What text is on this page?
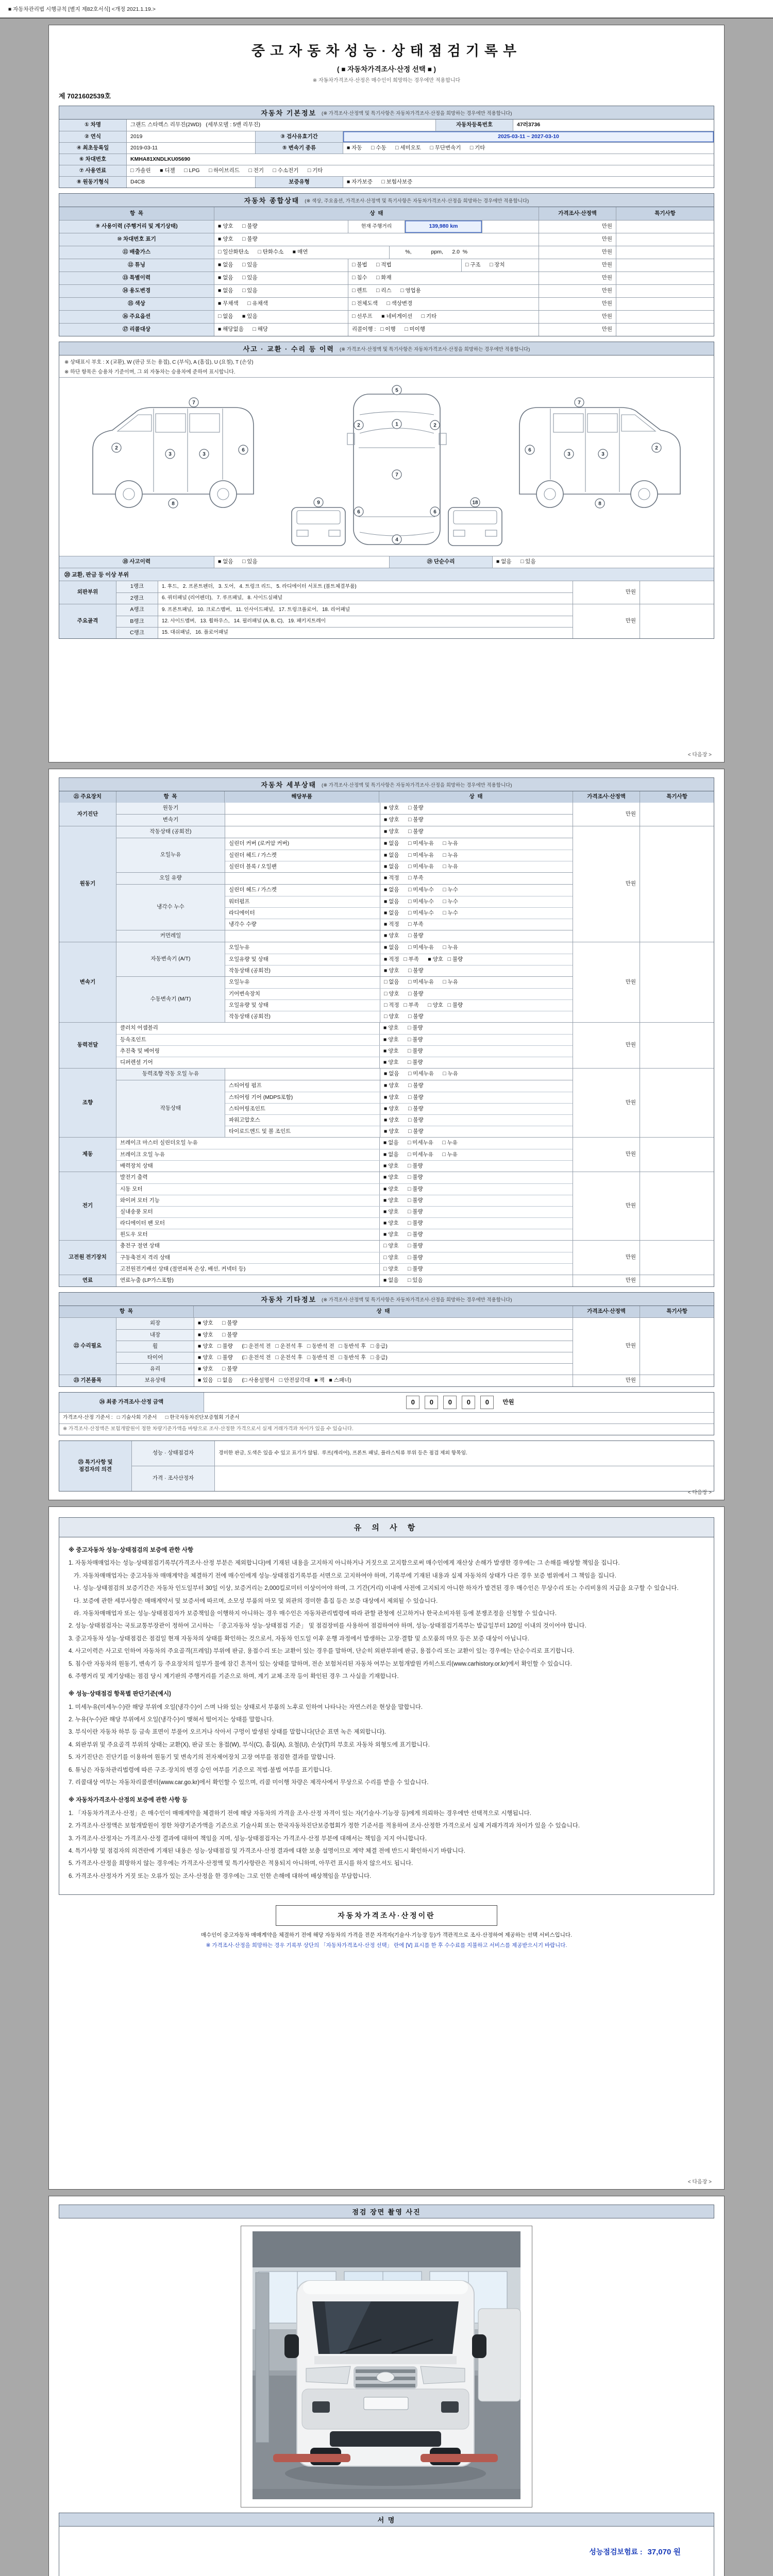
■ 자동차관리법 시행규칙 [별지 제82호서식] <개정 2021.1.19.>
중고자동차성능·상태점검기록부
( ■ 자동차가격조사·산정 선택 ■ )
※ 자동차가격조사·산정은 매수인이 희망하는 경우에만 적용합니다
제 7021602539호
자동차 기본정보 (※ 가격조사·산정액 및 특기사항은 자동차가격조사·산정을 희망하는 경우에만 적용합니다)
① 차명	그랜드 스타렉스 리무진(2WD)   (세부모델 : 5밴 리무진)	자동차등록번호	47러3736
② 연식	2019	③ 검사유효기간	2025-03-11 ~ 2027-03-10
④ 최초등록일	2019-03-11	⑤ 변속기 종류	■ 자동      □ 수동      □ 세미오토      □ 무단변속기      □ 기타
⑥ 차대번호	KMHA81XNDLKU05690
⑦ 사용연료	□ 가솔린      ■ 디젤      □ LPG      □ 하이브리드      □ 전기      □ 수소전기      □ 기타
⑧ 원동기형식	D4CB	보증유형	■ 자가보증      □ 보험사보증
자동차 종합상태 (※ 색상, 주요옵션, 가격조사·산정액 및 특기사항은 자동차가격조사·산정을 희망하는 경우에만 적용합니다)
항  목	상  태	가격조사·산정액	특기사항
⑨ 사용이력 (주행거리 및 계기상태)	■ 양호      □ 불량	현재 주행거리	139,980 km	만원
⑩ 차대번호 표기	■ 양호      □ 불량	만원
⑪ 배출가스	□ 일산화탄소      □ 탄화수소      ■ 매연	%,             ppm,      2.0  %	만원
⑫ 튜닝	■ 없음      □ 있음	□ 불법      □ 적법	□ 구조      □ 장치	만원
⑬ 특별이력	■ 없음      □ 있음	□ 침수      □ 화재	만원
⑭ 용도변경	■ 없음      □ 있음	□ 렌트      □ 리스      □ 영업용	만원
⑮ 색상	■ 무채색      □ 유채색	□ 전체도색      □ 색상변경	만원
⑯ 주요옵션	□ 없음      ■ 있음	□ 선루프      ■ 네비게이션      □ 기타	만원
⑰ 리콜대상	■ 해당없음      □ 해당	리콜이행 :   □ 이행      □ 미이행	만원
사고 · 교환 · 수리 등 이력 (※ 가격조사·산정액 및 특기사항은 자동차가격조사·산정을 희망하는 경우에만 적용합니다)
※ 상태표시 부호 : X (교환), W (판금 또는 용접), C (부식), A (흠집), U (요철), T (손상)
※ 하단 항목은 승용차 기준이며, 그 외 자동차는 승용차에 준하여 표시합니다.
2
3	3
6
7
8
5
1
2	2
7
6	6
4
9	18
2
3
3
6
7
8
⑱ 사고이력	■ 없음      □ 있음	⑲ 단순수리	■ 없음      □ 있음
⑳ 교환, 판금 등 이상 부위
외판부위
1랭크	1. 후드,   2. 프론트펜더,   3. 도어,   4. 트렁크 리드,   5. 라디에이터 서포트 (볼트체결부품)
2랭크	6. 쿼터패널 (리어펜더),   7. 루프패널,   8. 사이드실패널
만원
주요골격
A랭크	9. 프론트패널,   10. 크로스멤버,   11. 인사이드패널,   17. 트렁크플로어,   18. 리어패널
B랭크	12. 사이드멤버,   13. 휠하우스,   14. 필러패널 (A, B, C),   19. 패키지트레이
C랭크	15. 대쉬패널,   16. 플로어패널
만원
< 다음장 >
자동차 세부상태 (※ 가격조사·산정액 및 특기사항은 자동차가격조사·산정을 희망하는 경우에만 적용합니다)
㉑ 주요장치	항  목	해당부품	상  태	가격조사·산정액	특기사항
자기진단
원동기	■ 양호      □ 불량
변속기	■ 양호      □ 불량
만원
원동기
작동상태 (공회전)	■ 양호      □ 불량
오일누유
실린더 커버 (로커암 커버)	■ 없음      □ 미세누유      □ 누유
실린더 헤드 / 가스켓	■ 없음      □ 미세누유      □ 누유
실린더 블록 / 오일팬	■ 없음      □ 미세누유      □ 누유
오일 유량	■ 적정      □ 부족
냉각수 누수
실린더 헤드 / 가스켓	■ 없음      □ 미세누수      □ 누수
워터펌프	■ 없음      □ 미세누수      □ 누수
라디에이터	■ 없음      □ 미세누수      □ 누수
냉각수 수량	■ 적정      □ 부족
커먼레일	■ 양호      □ 불량
만원
변속기
자동변속기 (A/T)
오일누유	■ 없음      □ 미세누유      □ 누유
오일유량 및 상태	■ 적정   □ 부족      ■ 양호   □ 불량
작동상태 (공회전)	■ 양호      □ 불량
수동변속기 (M/T)
오일누유	□ 없음      □ 미세누유      □ 누유
기어변속장치	□ 양호      □ 불량
오일유량 및 상태	□ 적정   □ 부족      □ 양호   □ 불량
작동상태 (공회전)	□ 양호      □ 불량
만원
동력전달
클러치 어셈블리	■ 양호      □ 불량
등속조인트	■ 양호      □ 불량
추진축 및 베어링	■ 양호      □ 불량
디퍼렌셜 기어	■ 양호      □ 불량
만원
조향
동력조향 작동 오일 누유	■ 없음      □ 미세누유      □ 누유
작동상태
스티어링 펌프	■ 양호      □ 불량
스티어링 기어 (MDPS포함)	■ 양호      □ 불량
스티어링조인트	■ 양호      □ 불량
파워고압호스	■ 양호      □ 불량
타이로드엔드 및 볼 조인트	■ 양호      □ 불량
만원
제동
브레이크 마스터 실린더오일 누유	■ 없음      □ 미세누유      □ 누유
브레이크 오일 누유	■ 없음      □ 미세누유      □ 누유
배력장치 상태	■ 양호      □ 불량
만원
전기
발전기 출력	■ 양호      □ 불량
시동 모터	■ 양호      □ 불량
와이퍼 모터 기능	■ 양호      □ 불량
실내송풍 모터	■ 양호      □ 불량
라디에이터 팬 모터	■ 양호      □ 불량
윈도우 모터	■ 양호      □ 불량
만원
고전원 전기장치
충전구 절연 상태	□ 양호      □ 불량
구동축전지 격리 상태	□ 양호      □ 불량
고전원전기배선 상태 (절연피복 손상, 배선, 커넥터 등)	□ 양호      □ 불량
만원
연료	연료누출 (LP가스포함)	■ 없음      □ 있음	만원
자동차 기타정보 (※ 가격조사·산정액 및 특기사항은 자동차가격조사·산정을 희망하는 경우에만 적용합니다)
항  목	상  태	가격조사·산정액	특기사항
㉒ 수리필요
외장	■ 양호      □ 불량
내장	■ 양호      □ 불량
휠	■ 양호   □ 불량      (□ 운전석 전   □ 운전석 후   □ 동반석 전   □ 동반석 후   □ 응급)
타이어	■ 양호   □ 불량      (□ 운전석 전   □ 운전석 후   □ 동반석 전   □ 동반석 후   □ 응급)
유리	■ 양호      □ 불량
만원
㉓ 기본품목	보유상태	■ 있음   □ 없음      (□ 사용설명서   □ 안전삼각대   ■ 잭   ■ 스패너)	만원
㉔ 최종 가격조사·산정 금액	0	0	0	0	0	만원
가격조사·산정 기준서 :   □ 기술사회 기준서      □ 한국자동차진단보증협회 기준서
※ 가격조사·산정액은 보험개발원이 정한 차량기준가액을 바탕으로 조사·산정한 가격으로서 실제 거래가격과 차이가 있을 수 있습니다.
㉕ 특기사항 및
점검자의 의견
성능 · 상태점검자	경미한 판금, 도색은 있을 수 있고 표기가 않됨.  루프(캐리어), 프론트 패널, 플라스틱류 부위 등은 점검 제외 항목임.
가격 · 조사산정자
< 다음장 >
유 의 사 항
※ 중고자동차 성능·상태점검의 보증에 관한 사항
1. 자동차매매업자는 성능·상태점검기록부(가격조사·산정 부분은 제외합니다)에 기재된 내용을 고지하지 아니하거나 거짓으로 고지함으로써 매수인에게 재산상 손해가 발생한 경우에는 그 손해를 배상할 책임을 집니다.
가. 자동차매매업자는 중고자동차 매매계약을 체결하기 전에 매수인에게 성능·상태점검기록부를 서면으로 고지하여야 하며, 기록부에 기재된 내용과 실제 자동차의 상태가 다른 경우 보증 범위에서 그 책임을 집니다.
나. 성능·상태점검의 보증기간은 자동차 인도일부터 30일 이상, 보증거리는 2,000킬로미터 이상이어야 하며, 그 기간(거리) 이내에 사전에 고지되지 아니한 하자가 발견된 경우 매수인은 무상수리 또는 수리비용의 지급을 요구할 수 있습니다.
다. 보증에 관한 세부사항은 매매계약서 및 보증서에 따르며, 소모성 부품의 마모 및 외관의 경미한 흠집 등은 보증 대상에서 제외될 수 있습니다.
라. 자동차매매업자 또는 성능·상태점검자가 보증책임을 이행하지 아니하는 경우 매수인은 자동차관리법령에 따라 관할 관청에 신고하거나 한국소비자원 등에 분쟁조정을 신청할 수 있습니다.
2. 성능·상태점검자는 국토교통부장관이 정하여 고시하는 「중고자동차 성능·상태점검 기준」 및 점검장비를 사용하여 점검하여야 하며, 성능·상태점검기록부는 발급일부터 120일 이내의 것이어야 합니다.
3. 중고자동차 성능·상태점검은 점검일 현재 자동차의 상태를 확인하는 것으로서, 자동차 인도일 이후 운행 과정에서 발생하는 고장·결함 및 소모품의 마모 등은 보증 대상이 아닙니다.
4. 사고이력은 사고로 인하여 자동차의 주요골격(프레임) 부위에 판금, 용접수리 또는 교환이 있는 경우를 말하며, 단순히 외판부위에 판금, 용접수리 또는 교환이 있는 경우에는 단순수리로 표기합니다.
5. 침수란 자동차의 원동기, 변속기 등 주요장치의 일부가 물에 잠긴 흔적이 있는 상태를 말하며, 전손 보험처리된 자동차 여부는 보험개발원 카히스토리(www.carhistory.or.kr)에서 확인할 수 있습니다.
6. 주행거리 및 계기상태는 점검 당시 계기판의 주행거리를 기준으로 하며, 계기 교체·조작 등이 확인된 경우 그 사실을 기재합니다.
※ 성능·상태점검 항목별 판단기준(예시)
1. 미세누유(미세누수)란 해당 부위에 오일(냉각수)이 스며 나와 있는 상태로서 부품의 노후로 인하여 나타나는 자연스러운 현상을 말합니다.
2. 누유(누수)란 해당 부위에서 오일(냉각수)이 맺혀서 떨어지는 상태를 말합니다.
3. 부식이란 자동차 하부 등 금속 표면이 부풀어 오르거나 삭아서 구멍이 발생된 상태를 말합니다(단순 표면 녹은 제외합니다).
4. 외판부위 및 주요골격 부위의 상태는 교환(X), 판금 또는 용접(W), 부식(C), 흠집(A), 요철(U), 손상(T)의 부호로 자동차 외형도에 표기합니다.
5. 자기진단은 진단기를 이용하여 원동기 및 변속기의 전자제어장치 고장 여부를 점검한 결과를 말합니다.
6. 튜닝은 자동차관리법령에 따른 구조·장치의 변경 승인 여부를 기준으로 적법·불법 여부를 표기합니다.
7. 리콜대상 여부는 자동차리콜센터(www.car.go.kr)에서 확인할 수 있으며, 리콜 미이행 차량은 제작사에서 무상으로 수리를 받을 수 있습니다.
※ 자동차가격조사·산정의 보증에 관한 사항 등
1. 「자동차가격조사·산정」은 매수인이 매매계약을 체결하기 전에 해당 자동차의 가격을 조사·산정 자격이 있는 자(기술사·기능장 등)에게 의뢰하는 경우에만 선택적으로 시행됩니다.
2. 가격조사·산정액은 보험개발원이 정한 차량기준가액을 기준으로 기술사회 또는 한국자동차진단보증협회가 정한 기준서를 적용하여 조사·산정한 가격으로서 실제 거래가격과 차이가 있을 수 있습니다.
3. 가격조사·산정자는 가격조사·산정 결과에 대하여 책임을 지며, 성능·상태점검자는 가격조사·산정 부분에 대해서는 책임을 지지 아니합니다.
4. 특기사항 및 점검자의 의견란에 기재된 내용은 성능·상태점검 및 가격조사·산정 결과에 대한 보충 설명이므로 계약 체결 전에 반드시 확인하시기 바랍니다.
5. 가격조사·산정을 희망하지 않는 경우에는 가격조사·산정액 및 특기사항란은 적용되지 아니하며, 아무런 표시를 하지 않으셔도 됩니다.
6. 가격조사·산정자가 거짓 또는 오류가 있는 조사·산정을 한 경우에는 그로 인한 손해에 대하여 배상책임을 부담합니다.
자동차가격조사·산정이란
매수인이 중고자동차 매매계약을 체결하기 전에 해당 자동차의 가격을 전문 자격자(기술사·기능장 등)가 객관적으로 조사·산정하여 제공하는 선택 서비스입니다.
※ 가격조사·산정을 희망하는 경우 기록부 상단의 「자동차가격조사·산정 선택」 란에 [Ⅴ] 표시를 한 후 수수료를 지불하고 서비스를 제공받으시기 바랍니다.
< 다음장 >
점검 장면 촬영 사진
서 명
성능점검보험료 : 37,070 원
